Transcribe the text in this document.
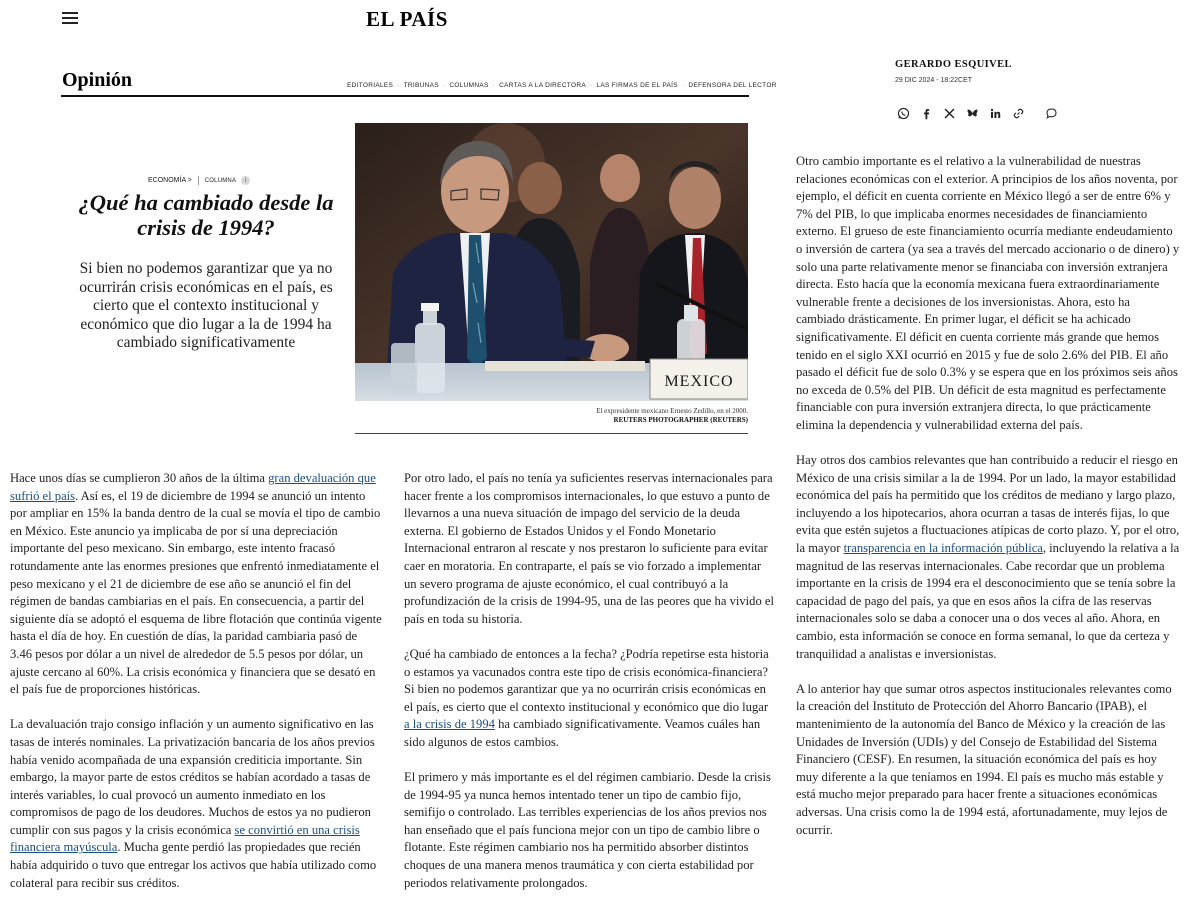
EL PAÍS
Opinión	EDITORIALES · TRIBUNAS · COLUMNAS · CARTAS A LA DIRECTORA · LAS FIRMAS DE EL PAÍS · DEFENSORA DEL LECTOR
GERARDO ESQUIVEL
29 DIC 2024 - 18:22CET
ECONOMÍA > COLUMNA	i
¿Qué ha cambiado desde la crisis de 1994?

Si bien no podemos garantizar que ya no ocurrirán crisis económicas en el país, es cierto que el contexto institucional y económico que dio lugar a la de 1994 ha cambiado significativamente

MEXICO
El expresidente mexicano Ernesto Zedillo, en el 2000.
REUTERS PHOTOGRAPHER (REUTERS)

Hace unos días se cumplieron 30 años de la última gran devaluación que sufrió el país. Así es, el 19 de diciembre de 1994 se anunció un intento por ampliar en 15% la banda dentro de la cual se movía el tipo de cambio en México. Este anuncio ya implicaba de por sí una depreciación importante del peso mexicano. Sin embargo, este intento fracasó rotundamente ante las enormes presiones que enfrentó inmediatamente el peso mexicano y el 21 de diciembre de ese año se anunció el fin del régimen de bandas cambiarias en el país. En consecuencia, a partir del siguiente día se adoptó el esquema de libre flotación que continúa vigente hasta el día de hoy. En cuestión de días, la paridad cambiaria pasó de 3.46 pesos por dólar a un nivel de alrededor de 5.5 pesos por dólar, un ajuste cercano al 60%. La crisis económica y financiera que se desató en el país fue de proporciones históricas.

La devaluación trajo consigo inflación y un aumento significativo en las tasas de interés nominales. La privatización bancaria de los años previos había venido acompañada de una expansión crediticia importante. Sin embargo, la mayor parte de estos créditos se habían acordado a tasas de interés variables, lo cual provocó un aumento inmediato en los compromisos de pago de los deudores. Muchos de estos ya no pudieron cumplir con sus pagos y la crisis económica se convirtió en una crisis financiera mayúscula. Mucha gente perdió las propiedades que recién había adquirido o tuvo que entregar los activos que había utilizado como colateral para recibir sus créditos.

Por otro lado, el país no tenía ya suficientes reservas internacionales para hacer frente a los compromisos internacionales, lo que estuvo a punto de llevarnos a una nueva situación de impago del servicio de la deuda externa. El gobierno de Estados Unidos y el Fondo Monetario Internacional entraron al rescate y nos prestaron lo suficiente para evitar caer en moratoria. En contraparte, el país se vio forzado a implementar un severo programa de ajuste económico, el cual contribuyó a la profundización de la crisis de 1994-95, una de las peores que ha vivido el país en toda su historia.

¿Qué ha cambiado de entonces a la fecha? ¿Podría repetirse esta historia o estamos ya vacunados contra este tipo de crisis económica-financiera? Si bien no podemos garantizar que ya no ocurrirán crisis económicas en el país, es cierto que el contexto institucional y económico que dio lugar a la crisis de 1994 ha cambiado significativamente. Veamos cuáles han sido algunos de estos cambios.

El primero y más importante es el del régimen cambiario. Desde la crisis de 1994-95 ya nunca hemos intentado tener un tipo de cambio fijo, semifijo o controlado. Las terribles experiencias de los años previos nos han enseñado que el país funciona mejor con un tipo de cambio libre o flotante. Este régimen cambiario nos ha permitido absorber distintos choques de una manera menos traumática y con cierta estabilidad por periodos relativamente prolongados.

Otro cambio importante es el relativo a la vulnerabilidad de nuestras relaciones económicas con el exterior. A principios de los años noventa, por ejemplo, el déficit en cuenta corriente en México llegó a ser de entre 6% y 7% del PIB, lo que implicaba enormes necesidades de financiamiento externo. El grueso de este financiamiento ocurría mediante endeudamiento o inversión de cartera (ya sea a través del mercado accionario o de dinero) y solo una parte relativamente menor se financiaba con inversión extranjera directa. Esto hacía que la economía mexicana fuera extraordinariamente vulnerable frente a decisiones de los inversionistas. Ahora, esto ha cambiado drásticamente. En primer lugar, el déficit se ha achicado significativamente. El déficit en cuenta corriente más grande que hemos tenido en el siglo XXI ocurrió en 2015 y fue de solo 2.6% del PIB. El año pasado el déficit fue de solo 0.3% y se espera que en los próximos seis años no exceda de 0.5% del PIB. Un déficit de esta magnitud es perfectamente financiable con pura inversión extranjera directa, lo que prácticamente elimina la dependencia y vulnerabilidad externa del país.

Hay otros dos cambios relevantes que han contribuido a reducir el riesgo en México de una crisis similar a la de 1994. Por un lado, la mayor estabilidad económica del país ha permitido que los créditos de mediano y largo plazo, incluyendo a los hipotecarios, ahora ocurran a tasas de interés fijas, lo que evita que estén sujetos a fluctuaciones atípicas de corto plazo. Y, por el otro, la mayor transparencia en la información pública, incluyendo la relativa a la magnitud de las reservas internacionales. Cabe recordar que un problema importante en la crisis de 1994 era el desconocimiento que se tenía sobre la capacidad de pago del país, ya que en esos años la cifra de las reservas internacionales solo se daba a conocer una o dos veces al año. Ahora, en cambio, esta información se conoce en forma semanal, lo que da certeza y tranquilidad a analistas e inversionistas.

A lo anterior hay que sumar otros aspectos institucionales relevantes como la creación del Instituto de Protección del Ahorro Bancario (IPAB), el mantenimiento de la autonomía del Banco de México y la creación de las Unidades de Inversión (UDIs) y del Consejo de Estabilidad del Sistema Financiero (CESF). En resumen, la situación económica del país es hoy muy diferente a la que teníamos en 1994. El país es mucho más estable y está mucho mejor preparado para hacer frente a situaciones económicas adversas. Una crisis como la de 1994 está, afortunadamente, muy lejos de ocurrir.
